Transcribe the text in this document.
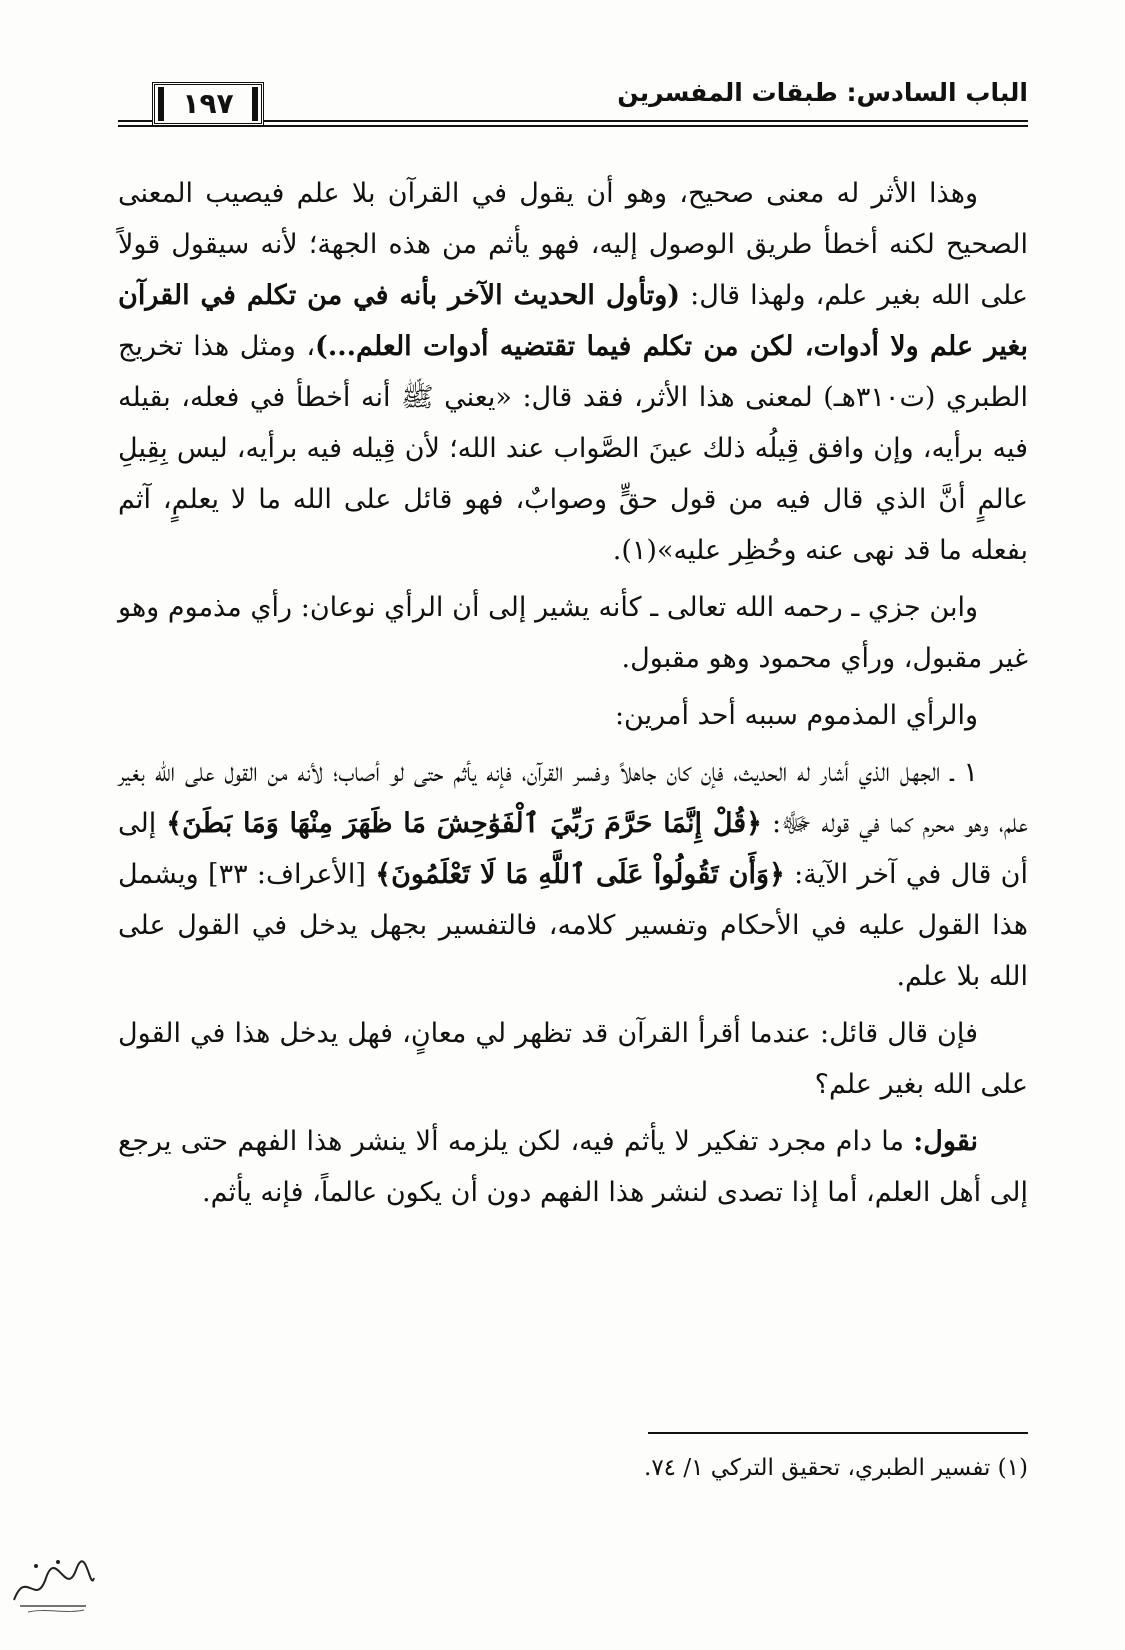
١٩٧	الباب السادس: طبقات المفسرين

وهذا الأثر له معنى صحيح، وهو أن يقول في القرآن بلا علم فيصيب المعنى الصحيح لكنه أخطأ طريق الوصول إليه، فهو يأثم من هذه الجهة؛ لأنه سيقول قولاً على الله بغير علم، ولهذا قال: (وتأول الحديث الآخر بأنه في من تكلم في القرآن بغير علم ولا أدوات، لكن من تكلم فيما تقتضيه أدوات العلم...)، ومثل هذا تخريج الطبري (ت٣١٠هـ) لمعنى هذا الأثر، فقد قال: «يعني ﷺ أنه أخطأ في فعله، بقيله فيه برأيه، وإن وافق قِيلُه ذلك عينَ الصَّواب عند الله؛ لأن قِيله فيه برأيه، ليس بِقِيلِ عالمٍ أنَّ الذي قال فيه من قول حقٍّ وصوابٌ، فهو قائل على الله ما لا يعلمٍ، آثم بفعله ما قد نهى عنه وحُظِر عليه»(١).

وابن جزي ـ رحمه الله تعالى ـ كأنه يشير إلى أن الرأي نوعان: رأي مذموم وهو غير مقبول، ورأي محمود وهو مقبول.

والرأي المذموم سببه أحد أمرين:

١ ـ الجهل الذي أشار له الحديث، فإن كان جاهلاً وفسر القرآن، فإنه يأثم حتى لو أصاب؛ لأنه من القول على الله بغير علم، وهو محرم كما في قوله ﷻ: ﴿قُلْ إِنَّمَا حَرَّمَ رَبِّيَ ٱلْفَوَٰحِشَ مَا ظَهَرَ مِنْهَا وَمَا بَطَنَ﴾ إلى أن قال في آخر الآية: ﴿وَأَن تَقُولُواْ عَلَى ٱللَّهِ مَا لَا تَعْلَمُونَ﴾ [الأعراف: ٣٣] ويشمل هذا القول عليه في الأحكام وتفسير كلامه، فالتفسير بجهل يدخل في القول على الله بلا علم.

فإن قال قائل: عندما أقرأ القرآن قد تظهر لي معانٍ، فهل يدخل هذا في القول على الله بغير علم؟

نقول: ما دام مجرد تفكير لا يأثم فيه، لكن يلزمه ألا ينشر هذا الفهم حتى يرجع إلى أهل العلم، أما إذا تصدى لنشر هذا الفهم دون أن يكون عالماً، فإنه يأثم.

(١) تفسير الطبري، تحقيق التركي ١/ ٧٤.
